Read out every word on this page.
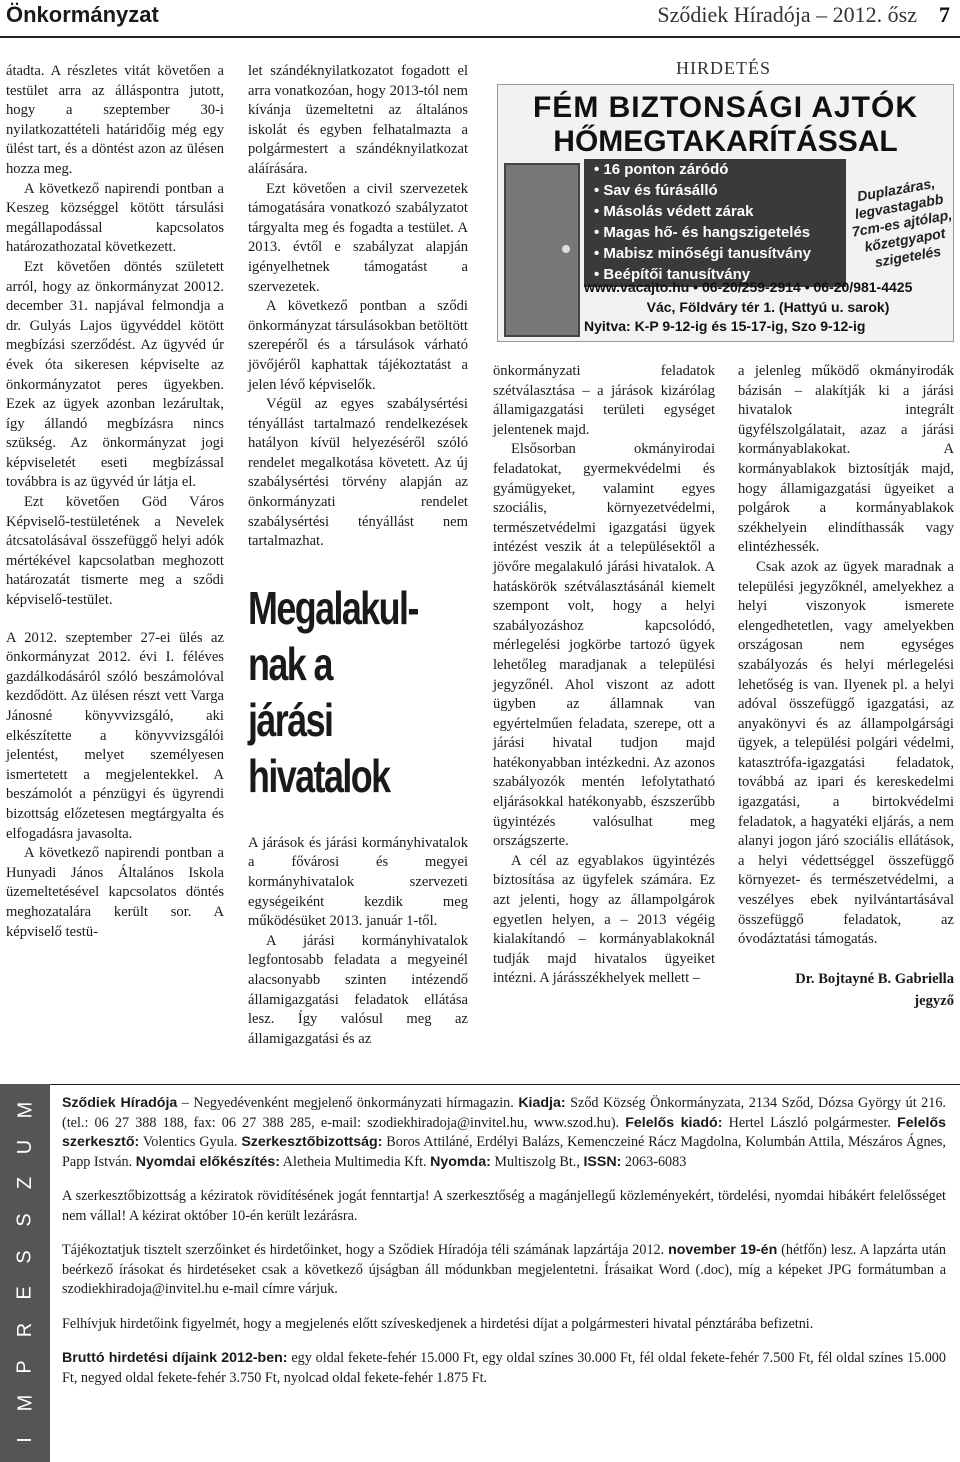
Önkormányzat	Sződiek Híradója – 2012. ősz 7

átadta. A részletes vitát követően a testület arra az álláspontra jutott, hogy a szeptember 30-i nyilatkozattételi határidőig még egy ülést tart, és a döntést azon az ülésen hozza meg.

A következő napirendi pontban a Keszeg községgel kötött társulási megállapodással kapcsolatos határozathozatal következett.

Ezt követően döntés született arról, hogy az önkormányzat 20012. december 31. napjával felmondja a dr. Gulyás Lajos ügyvéddel kötött megbízási szerződést. Az ügyvéd úr évek óta sikeresen képviselte az önkormányzatot peres ügyekben. Ezek az ügyek azonban lezárultak, így állandó megbízásra nincs szükség. Az önkormányzat jogi képviseletét eseti megbízással továbbra is az ügyvéd úr látja el.

Ezt követően Göd Város Képviselő-testületének a Nevelek átcsatolásával összefüggő helyi adók mértékével kapcsolatban meghozott határozatát tismerte meg a sződi képviselő-testület.

A 2012. szeptember 27-ei ülés az önkormányzat 2012. évi I. féléves gazdálkodásáról szóló beszámolóval kezdődött. Az ülésen részt vett Varga Jánosné könyvvizsgáló, aki elkészítette a könyvvizsgálói jelentést, melyet személyesen ismertetett a megjelentekkel. A beszámolót a pénzügyi és ügyrendi bizottság előzetesen megtárgyalta és elfogadásra javasolta.

A következő napirendi pontban a Hunyadi János Általános Iskola üzemeltetésével kapcsolatos döntés meghozatalára került sor. A képviselő testü-

let szándéknyilatkozatot fogadott el arra vonatkozóan, hogy 2013-tól nem kívánja üzemeltetni az általános iskolát és egyben felhatalmazta a polgármestert a szándéknyilatkozat aláírására.

Ezt követően a civil szervezetek támogatására vonatkozó szabályzatot tárgyalta meg és fogadta a testület. A 2013. évtől e szabályzat alapján igényelhetnek támogatást a szervezetek.

A következő pontban a sződi önkormányzat társulásokban betöltött szerepéről és a társulások várható jövőjéről kaphattak tájékoztatást a jelen lévő képviselők.

Végül az egyes szabálysértési tényállást tartalmazó rendelkezések hatályon kívül helyezéséről szóló rendelet megalkotása követett. Az új szabálysértési törvény alapján az önkormányzati rendelet szabálysértési tényállást nem tartalmazhat.

Megalakul-
nak a járási
hivatalok

A járások és járási kormányhivatalok a fővárosi és megyei kormányhivatalok szervezeti egységeiként kezdik meg működésüket 2013. január 1-től.

A járási kormányhivatalok legfontosabb feladata a megyeinél alacsonyabb szinten intézendő államigazgatási feladatok ellátása lesz. Így valósul meg az államigazgatási és az

HIRDETÉS
FÉM BIZTONSÁGI AJTÓK
HŐMEGTAKARÍTÁSSAL
• 16 ponton záródó
• Sav és fúrásálló
• Másolás védett zárak
• Magas hő- és hangszigetelés
• Mabisz minőségi tanusítvány
• Beépítői tanusítvány
Duplazáras, legvastagabb 7cm-es ajtólap, kőzetgyapot szigetelés
www.vacajto.hu • 06-20/259-2914 • 06-20/981-4425
Vác, Földváry tér 1. (Hattyú u. sarok)
Nyitva: K-P 9-12-ig és 15-17-ig, Szo 9-12-ig

önkormányzati feladatok szétválasztása – a járások kizárólag államigazgatási területi egységet jelentenek majd.

Elsősorban okmányirodai feladatokat, gyermekvédelmi és gyámügyeket, valamint egyes szociális, környezetvédelmi, természetvédelmi igazgatási ügyek intézést veszik át a településektől a jövőre megalakuló járási hivatalok. A hatáskörök szétválasztásánál kiemelt szempont volt, hogy a helyi szabályozáshoz kapcsolódó, mérlegelési jogkörbe tartozó ügyek lehetőleg maradjanak a települési jegyzőnél. Ahol viszont az adott ügyben az államnak van egyértelműen feladata, szerepe, ott a járási hivatal tudjon majd hatékonyabban intézkedni. Az azonos szabályozók mentén lefolytatható eljárásokkal hatékonyabb, észszerűbb ügyintézés valósulhat meg országszerte.

A cél az egyablakos ügyintézés biztosítása az ügyfelek számára. Ez azt jelenti, hogy az állampolgárok egyetlen helyen, a – 2013 végéig kialakítandó – kormányablakoknál tudják majd hivatalos ügyeiket intézni. A járásszékhelyek mellett –

a jelenleg működő okmányirodák bázisán – alakítják ki a járási hivatalok integrált ügyfélszolgálatait, azaz a járási kormányablakokat. A kormányablakok biztosítják majd, hogy államigazgatási ügyeiket a polgárok a kormányablakok székhelyein elindíthassák vagy elintézhessék.

Csak azok az ügyek maradnak a települési jegyzőknél, amelyekhez a helyi viszonyok ismerete elengedhetetlen, vagy amelyekben országosan nem egységes szabályozás és helyi mérlegelési lehetőség is van. Ilyenek pl. a helyi adóval összefüggő igazgatási, az anyakönyvi és az állampolgársági ügyek, a települési polgári védelmi, katasztrófa-igazgatási feladatok, továbbá az ipari és kereskedelmi igazgatási, a birtokvédelmi feladatok, a hagyatéki eljárás, a nem alanyi jogon járó szociális ellátások, a helyi védettséggel összefüggő környezet- és természetvédelmi, a veszélyes ebek nyilvántartásával összefüggő feladatok, az óvodáztatási támogatás.

Dr. Bojtayné B. Gabriella
jegyző
I
M
P
R
E
S
S
Z
U
M Sződiek Híradója – Negyedévenként megjelenő önkormányzati hírmagazin. Kiadja: Sződ Község Önkormányzata, 2134 Sződ, Dózsa György út 216. (tel.: 06 27 388 188, fax: 06 27 388 285, e-mail: szodiekhiradoja@invitel.hu, www.szod.hu). Felelős kiadó: Hertel László polgármester. Felelős szerkesztő: Volentics Gyula. Szerkesztőbizottság: Boros Attiláné, Erdélyi Balázs, Kemenczeiné Rácz Magdolna, Kolumbán Attila, Mészáros Ágnes, Papp István. Nyomdai előkészítés: Aletheia Multimedia Kft. Nyomda: Multiszolg Bt., ISSN: 2063-6083

A szerkesztőbizottság a kéziratok rövidítésének jogát fenntartja! A szerkesztőség a magánjellegű közleményekért, tördelési, nyomdai hibákért felelősséget nem vállal! A kézirat október 10-én került lezárásra.

Tájékoztatjuk tisztelt szerzőinket és hirdetőinket, hogy a Sződiek Híradója téli számának lapzártája 2012. november 19-én (hétfőn) lesz. A lapzárta után beérkező írásokat és hirdetéseket csak a következő újságban áll módunkban megjelentetni. Írásaikat Word (.doc), míg a képeket JPG formátumban a szodiekhiradoja@invitel.hu e-mail címre várjuk.

Felhívjuk hirdetőink figyelmét, hogy a megjelenés előtt szíveskedjenek a hirdetési díjat a polgármesteri hivatal pénztárába befizetni.

Bruttó hirdetési díjaink 2012-ben: egy oldal fekete-fehér 15.000 Ft, egy oldal színes 30.000 Ft, fél oldal fekete-fehér 7.500 Ft, fél oldal színes 15.000 Ft, negyed oldal fekete-fehér 3.750 Ft, nyolcad oldal fekete-fehér 1.875 Ft.
